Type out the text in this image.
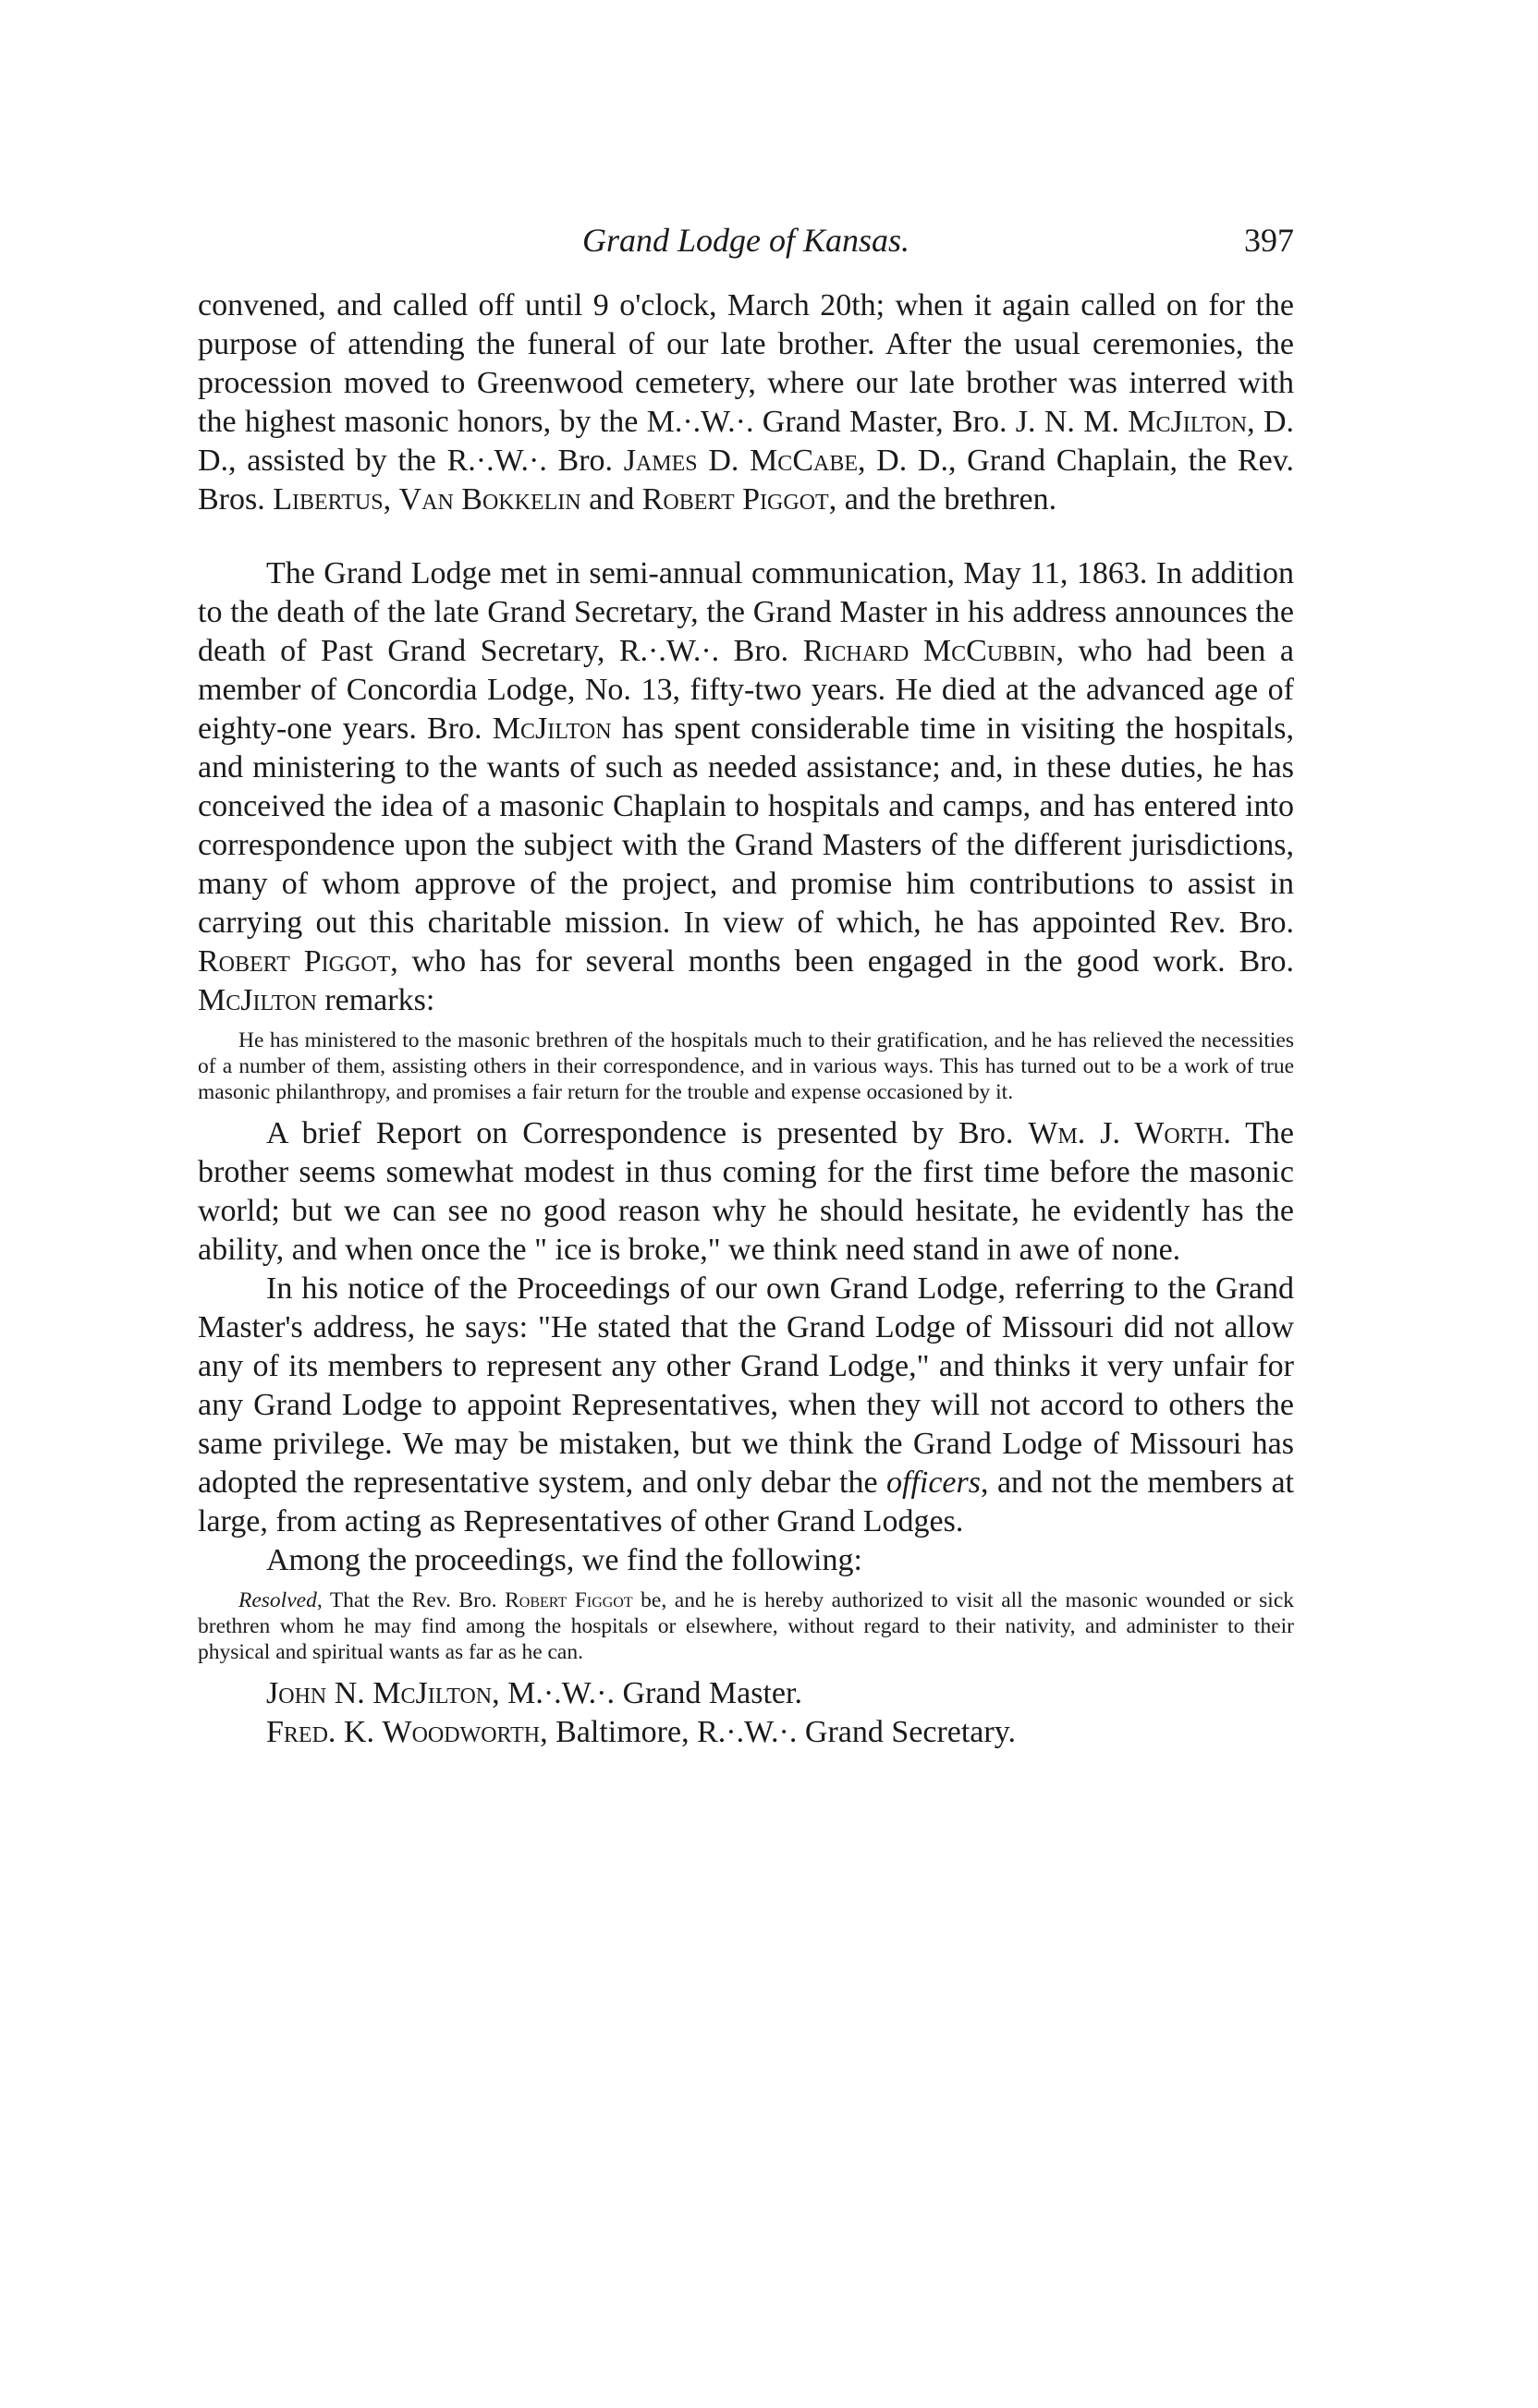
Grand Lodge of Kansas.	397

convened, and called off until 9 o'clock, March 20th; when it again called on for the purpose of attending the funeral of our late brother. After the usual ceremonies, the procession moved to Greenwood cemetery, where our late brother was interred with the highest masonic honors, by the M.·.W.·. Grand Master, Bro. J. N. M. McJilton, D. D., assisted by the R.·.W.·. Bro. James D. McCabe, D. D., Grand Chaplain, the Rev. Bros. Libertus, Van Bokkelin and Robert Piggot, and the brethren.

The Grand Lodge met in semi-annual communication, May 11, 1863. In addition to the death of the late Grand Secretary, the Grand Master in his address announces the death of Past Grand Secretary, R.·.W.·. Bro. Richard McCubbin, who had been a member of Concordia Lodge, No. 13, fifty-two years. He died at the advanced age of eighty-one years. Bro. McJilton has spent considerable time in visiting the hospitals, and ministering to the wants of such as needed assistance; and, in these duties, he has conceived the idea of a masonic Chaplain to hospitals and camps, and has entered into correspondence upon the subject with the Grand Masters of the different jurisdictions, many of whom approve of the project, and promise him contributions to assist in carrying out this charitable mission. In view of which, he has appointed Rev. Bro. Robert Piggot, who has for several months been engaged in the good work. Bro. McJilton remarks:

He has ministered to the masonic brethren of the hospitals much to their gratification, and he has relieved the necessities of a number of them, assisting others in their correspondence, and in various ways. This has turned out to be a work of true masonic philanthropy, and promises a fair return for the trouble and expense occasioned by it.

A brief Report on Correspondence is presented by Bro. Wm. J. Worth. The brother seems somewhat modest in thus coming for the first time before the masonic world; but we can see no good reason why he should hesitate, he evidently has the ability, and when once the " ice is broke," we think need stand in awe of none.

In his notice of the Proceedings of our own Grand Lodge, referring to the Grand Master's address, he says: "He stated that the Grand Lodge of Missouri did not allow any of its members to represent any other Grand Lodge," and thinks it very unfair for any Grand Lodge to appoint Representatives, when they will not accord to others the same privilege. We may be mistaken, but we think the Grand Lodge of Missouri has adopted the representative system, and only debar the officers, and not the members at large, from acting as Representatives of other Grand Lodges.

Among the proceedings, we find the following:

Resolved, That the Rev. Bro. Robert Figgot be, and he is hereby authorized to visit all the masonic wounded or sick brethren whom he may find among the hospitals or elsewhere, without regard to their nativity, and administer to their physical and spiritual wants as far as he can.

John N. McJilton, M.·.W.·. Grand Master.

Fred. K. Woodworth, Baltimore, R.·.W.·. Grand Secretary.
